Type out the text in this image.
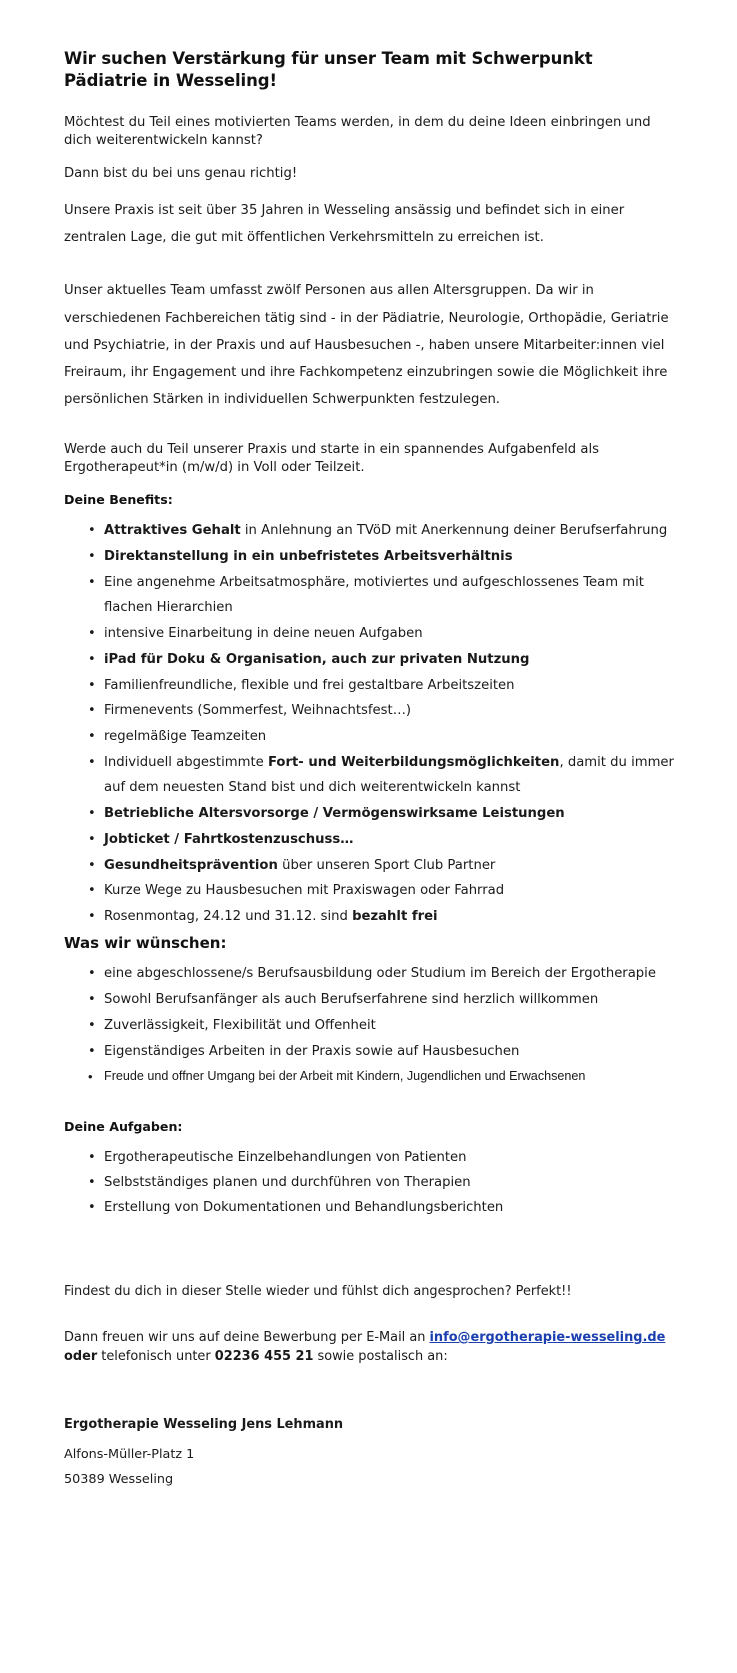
Wir suchen Verstärkung für unser Team mit Schwerpunkt Pädiatrie in Wesseling!

Möchtest du Teil eines motivierten Teams werden, in dem du deine Ideen einbringen und dich weiterentwickeln kannst?

Dann bist du bei uns genau richtig!

Unsere Praxis ist seit über 35 Jahren in Wesseling ansässig und befindet sich in einer zentralen Lage, die gut mit öffentlichen Verkehrsmitteln zu erreichen ist.

Unser aktuelles Team umfasst zwölf Personen aus allen Altersgruppen. Da wir in verschiedenen Fachbereichen tätig sind - in der Pädiatrie, Neurologie, Orthopädie, Geriatrie und Psychiatrie, in der Praxis und auf Hausbesuchen -, haben unsere Mitarbeiter:innen viel Freiraum, ihr Engagement und ihre Fachkompetenz einzubringen sowie die Möglichkeit ihre persönlichen Stärken in individuellen Schwerpunkten festzulegen.

Werde auch du Teil unserer Praxis und starte in ein spannendes Aufgabenfeld als Ergotherapeut*in (m/w/d) in Voll oder Teilzeit.

Deine Benefits:
• Attraktives Gehalt in Anlehnung an TVöD mit Anerkennung deiner Berufserfahrung
• Direktanstellung in ein unbefristetes Arbeitsverhältnis
• Eine angenehme Arbeitsatmosphäre, motiviertes und aufgeschlossenes Team mit flachen Hierarchien
• intensive Einarbeitung in deine neuen Aufgaben
• iPad für Doku & Organisation, auch zur privaten Nutzung
• Familienfreundliche, flexible und frei gestaltbare Arbeitszeiten
• Firmenevents (Sommerfest, Weihnachtsfest…)
• regelmäßige Teamzeiten
• Individuell abgestimmte Fort- und Weiterbildungsmöglichkeiten, damit du immer auf dem neuesten Stand bist und dich weiterentwickeln kannst
• Betriebliche Altersvorsorge / Vermögenswirksame Leistungen
• Jobticket / Fahrtkostenzuschuss…
• Gesundheitsprävention über unseren Sport Club Partner
• Kurze Wege zu Hausbesuchen mit Praxiswagen oder Fahrrad
• Rosenmontag, 24.12 und 31.12. sind bezahlt frei
Was wir wünschen:
• eine abgeschlossene/s Berufsausbildung oder Studium im Bereich der Ergotherapie
• Sowohl Berufsanfänger als auch Berufserfahrene sind herzlich willkommen
• Zuverlässigkeit, Flexibilität und Offenheit
• Eigenständiges Arbeiten in der Praxis sowie auf Hausbesuchen
• Freude und offner Umgang bei der Arbeit mit Kindern, Jugendlichen und Erwachsenen
Deine Aufgaben:
• Ergotherapeutische Einzelbehandlungen von Patienten
• Selbstständiges planen und durchführen von Therapien
• Erstellung von Dokumentationen und Behandlungsberichten

Findest du dich in dieser Stelle wieder und fühlst dich angesprochen? Perfekt!!

Dann freuen wir uns auf deine Bewerbung per E-Mail an info@ergotherapie-wesseling.de
oder telefonisch unter 02236 455 21 sowie postalisch an:

Ergotherapie Wesseling Jens Lehmann

Alfons-Müller-Platz 1

50389 Wesseling
